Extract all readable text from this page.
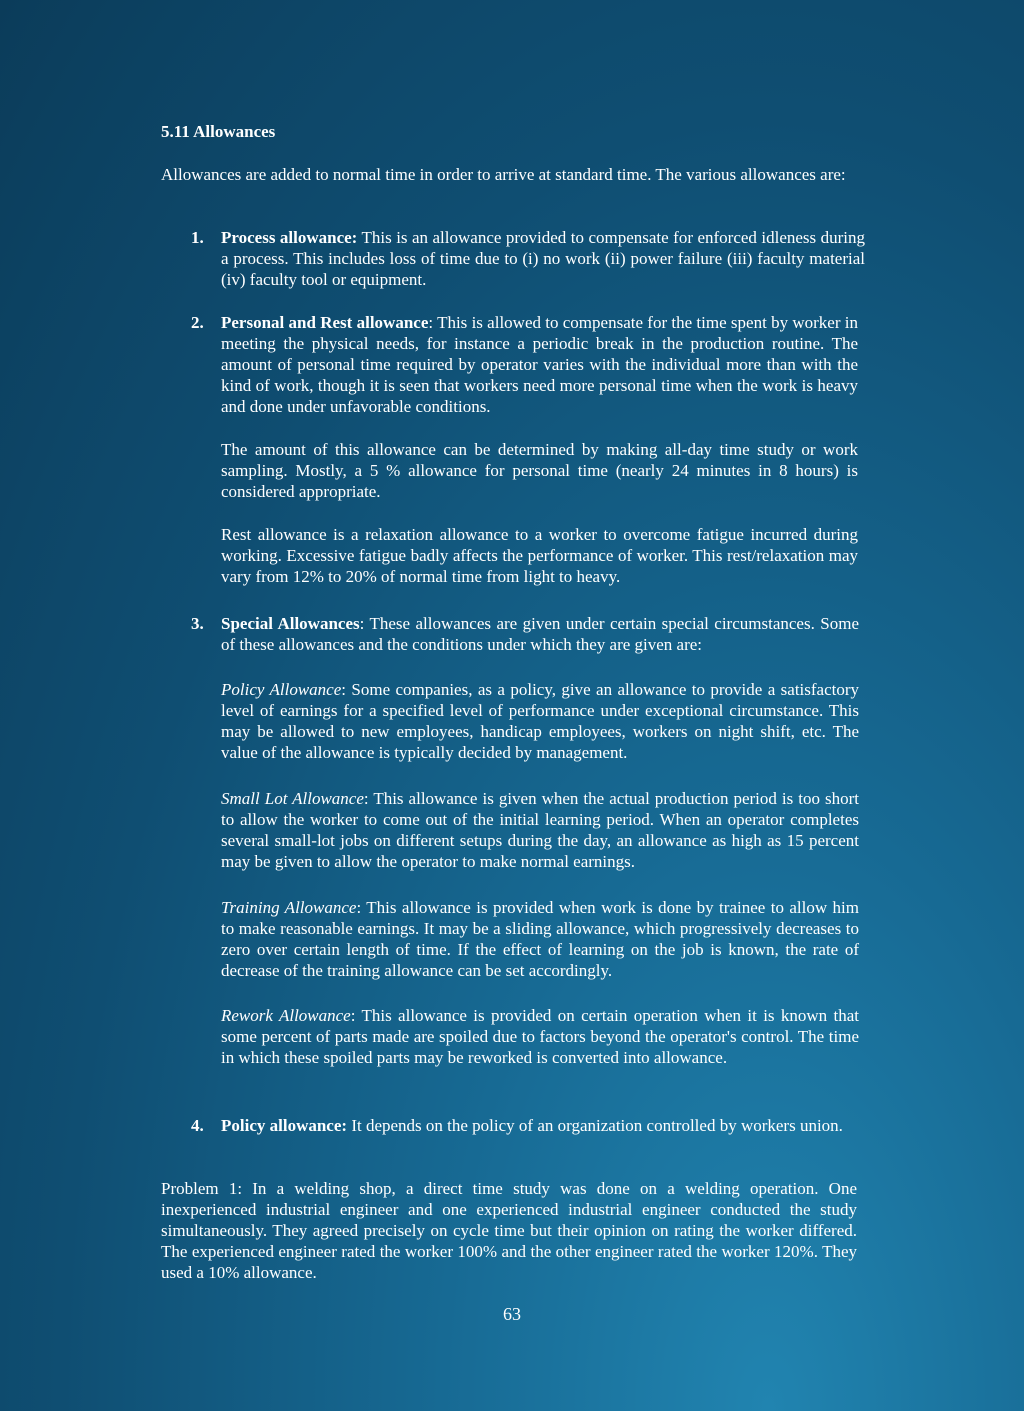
5.11 Allowances

Allowances are added to normal time in order to arrive at standard time. The various allowances are:

1. Process allowance: This is an allowance provided to compensate for enforced idleness during a process. This includes loss of time due to (i) no work (ii) power failure (iii) faculty material (iv) faculty tool or equipment.

2. Personal and Rest allowance: This is allowed to compensate for the time spent by worker in meeting the physical needs, for instance a periodic break in the production routine. The amount of personal time required by operator varies with the individual more than with the kind of work, though it is seen that workers need more personal time when the work is heavy and done under unfavorable conditions.

The amount of this allowance can be determined by making all-day time study or work sampling. Mostly, a 5 % allowance for personal time (nearly 24 minutes in 8 hours) is considered appropriate.

Rest allowance is a relaxation allowance to a worker to overcome fatigue incurred during working. Excessive fatigue badly affects the performance of worker. This rest/relaxation may vary from 12% to 20% of normal time from light to heavy.

3. Special Allowances: These allowances are given under certain special circumstances. Some of these allowances and the conditions under which they are given are:

Policy Allowance: Some companies, as a policy, give an allowance to provide a satisfactory level of earnings for a specified level of performance under exceptional circumstance. This may be allowed to new employees, handicap employees, workers on night shift, etc. The value of the allowance is typically decided by management.

Small Lot Allowance: This allowance is given when the actual production period is too short to allow the worker to come out of the initial learning period. When an operator completes several small-lot jobs on different setups during the day, an allowance as high as 15 percent may be given to allow the operator to make normal earnings.

Training Allowance: This allowance is provided when work is done by trainee to allow him to make reasonable earnings. It may be a sliding allowance, which progressively decreases to zero over certain length of time. If the effect of learning on the job is known, the rate of decrease of the training allowance can be set accordingly.

Rework Allowance: This allowance is provided on certain operation when it is known that some percent of parts made are spoiled due to factors beyond the operator's control. The time in which these spoiled parts may be reworked is converted into allowance.

4. Policy allowance: It depends on the policy of an organization controlled by workers union.

Problem 1: In a welding shop, a direct time study was done on a welding operation. One inexperienced industrial engineer and one experienced industrial engineer conducted the study simultaneously. They agreed precisely on cycle time but their opinion on rating the worker differed. The experienced engineer rated the worker 100% and the other engineer rated the worker 120%. They used a 10% allowance.

63
